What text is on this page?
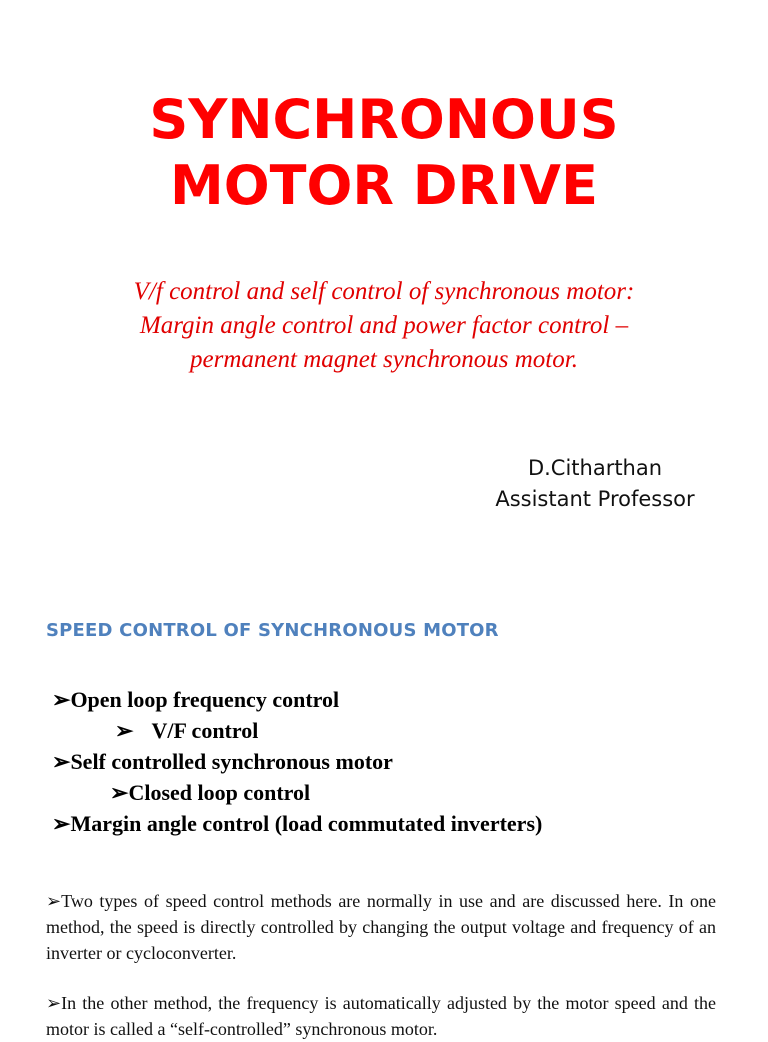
SYNCHRONOUS
MOTOR DRIVE
V/f control and self control of synchronous motor:
Margin angle control and power factor control –
permanent magnet synchronous motor.
D.Citharthan
Assistant Professor
SPEED CONTROL OF SYNCHRONOUS MOTOR
➢Open loop frequency control
➢ V/F control
➢Self controlled synchronous motor
➢Closed loop control
➢Margin angle control (load commutated inverters)
➢Two types of speed control methods are normally in use and are discussed here. In one method, the speed is directly controlled by changing the output voltage and frequency of an inverter or cycloconverter.
➢In the other method, the frequency is automatically adjusted by the motor speed and the motor is called a “self-controlled” synchronous motor.
